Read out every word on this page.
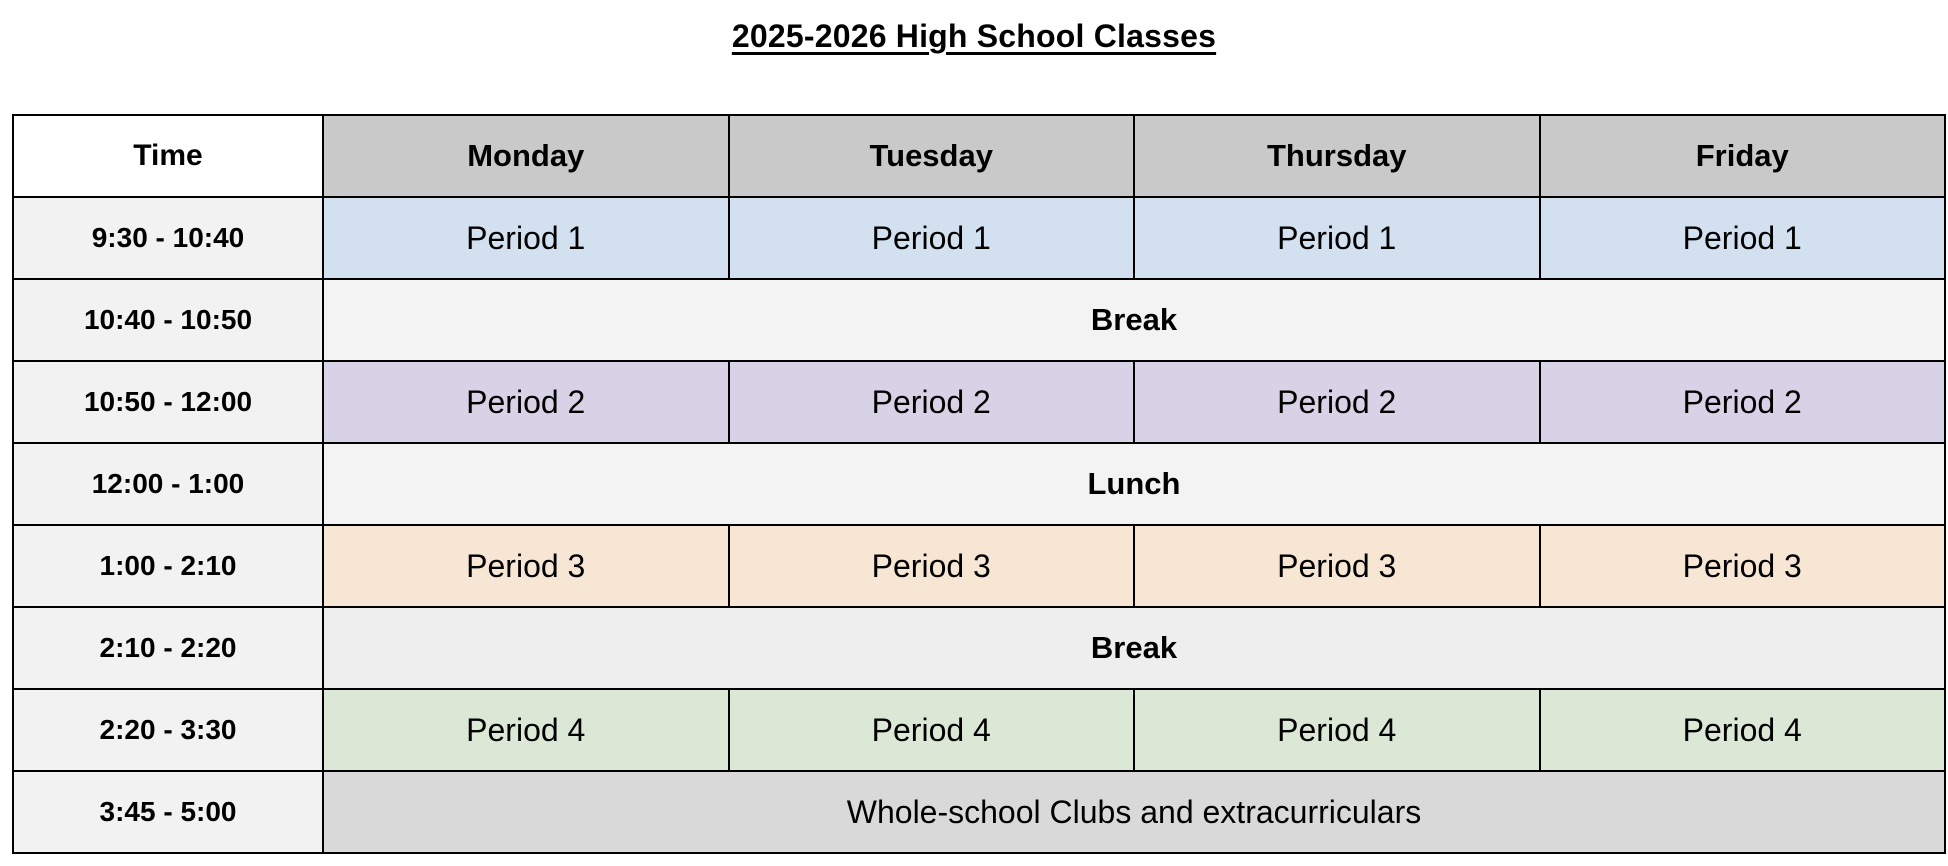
2025-2026 High School Classes
Time	Monday	Tuesday	Thursday	Friday
9:30 - 10:40	Period 1	Period 1	Period 1	Period 1
10:40 - 10:50	Break			
10:50 - 12:00	Period 2	Period 2	Period 2	Period 2
12:00 - 1:00	Lunch			
1:00 - 2:10	Period 3	Period 3	Period 3	Period 3
2:10 - 2:20	Break			
2:20 - 3:30	Period 4	Period 4	Period 4	Period 4
3:45 - 5:00	Whole-school Clubs and extracurriculars			
